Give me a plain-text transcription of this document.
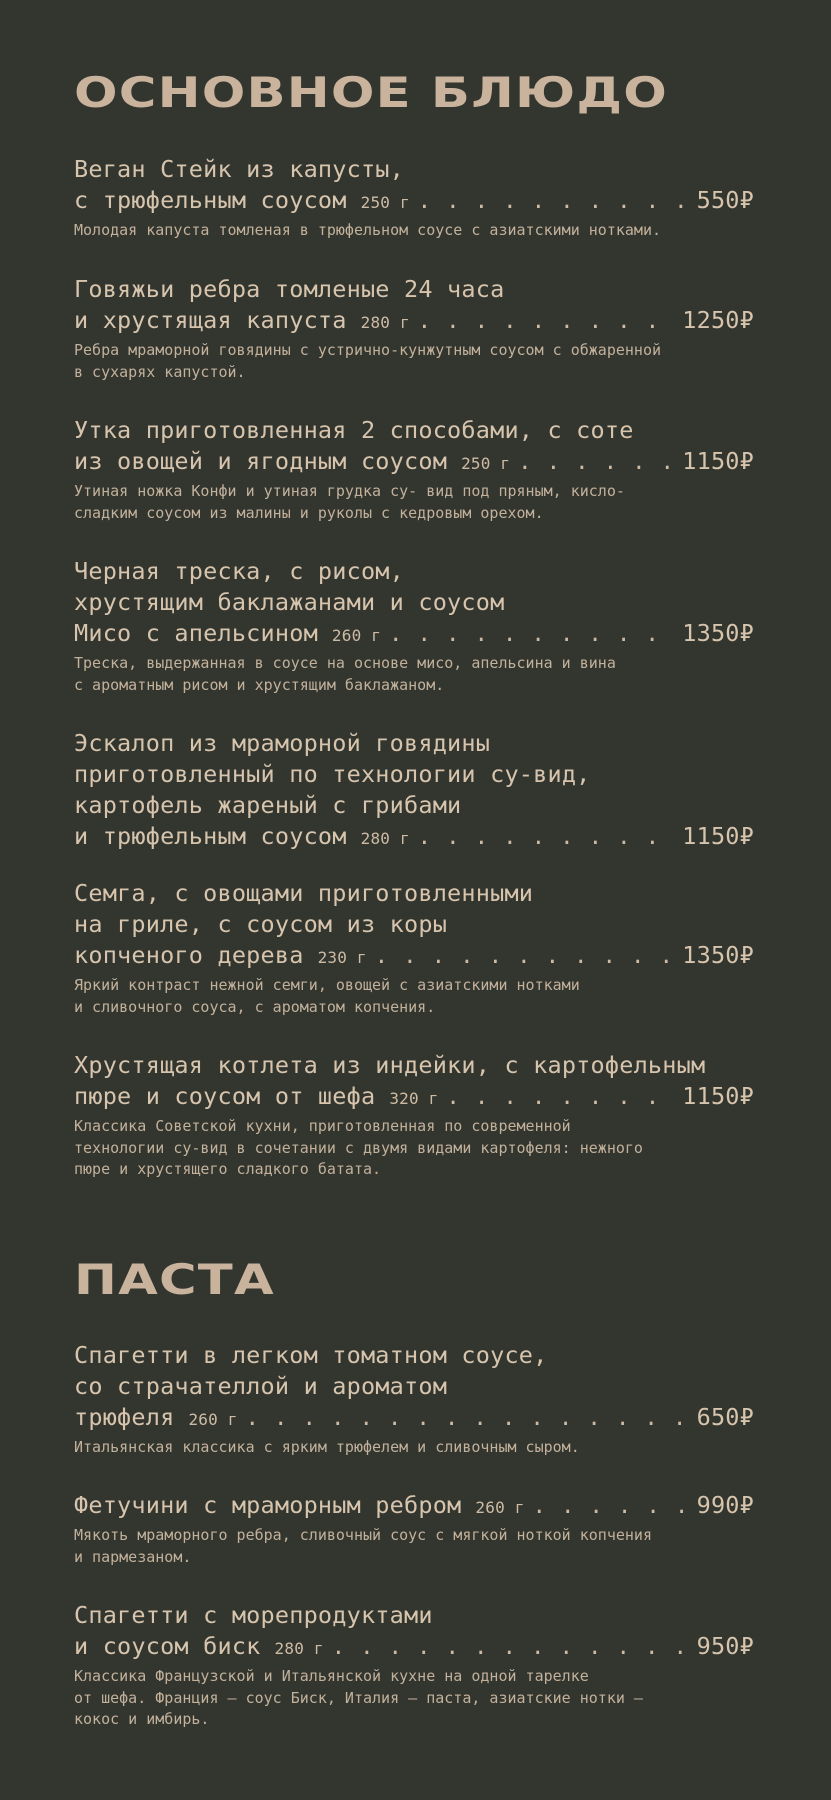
ОСНОВНОЕ БЛЮДО
Веган Стейк из капусты,
с трюфельным соусом 250 г . . .	550₽
Молодая капуста томленая в трюфельном соусе с азиатскими нотками.
Говяжьи ребра томленые 24 часа
и хрустящая капуста 280 г . . .	1250₽
Ребра мраморной говядины с устрично-кунжутным соусом с обжаренной
в сухарях капустой.
Утка приготовленная 2 способами, с соте
из овощей и ягодным соусом 250 г . . .	1150₽
Утиная ножка Конфи и утиная грудка су- вид под пряным, кисло-
сладким соусом из малины и руколы с кедровым орехом.
Черная треска, с рисом,
хрустящим баклажанами и соусом
Мисо с апельсином 260 г . . .	1350₽
Треска, выдержанная в соусе на основе мисо, апельсина и вина
с ароматным рисом и хрустящим баклажаном.
Эскалоп из мраморной говядины
приготовленный по технологии су-вид,
картофель жареный с грибами
и трюфельным соусом 280 г . . .	1150₽
Семга, с овощами приготовленными
на гриле, с соусом из коры
копченого дерева 230 г . . .	1350₽
Яркий контраст нежной семги, овощей с азиатскими нотками
и сливочного соуса, с ароматом копчения.
Хрустящая котлета из индейки, с картофельным
пюре и соусом от шефа 320 г . . .	1150₽
Классика Советской кухни, приготовленная по современной
технологии су-вид в сочетании с двумя видами картофеля: нежного
пюре и хрустящего сладкого батата.
ПАСТА
Спагетти в легком томатном соусе,
со страчателлой и ароматом
трюфеля 260 г . . .	650₽
Итальянская классика с ярким трюфелем и сливочным сыром.
Фетучини с мраморным ребром 260 г . . .	990₽
Мякоть мраморного ребра, сливочный соус с мягкой ноткой копчения
и пармезаном.
Спагетти с морепродуктами
и соусом биск 280 г . . .	950₽
Классика Французской и Итальянской кухне на одной тарелке
от шефа. Франция – соус Биск, Италия – паста, азиатские нотки –
кокос и имбирь.
